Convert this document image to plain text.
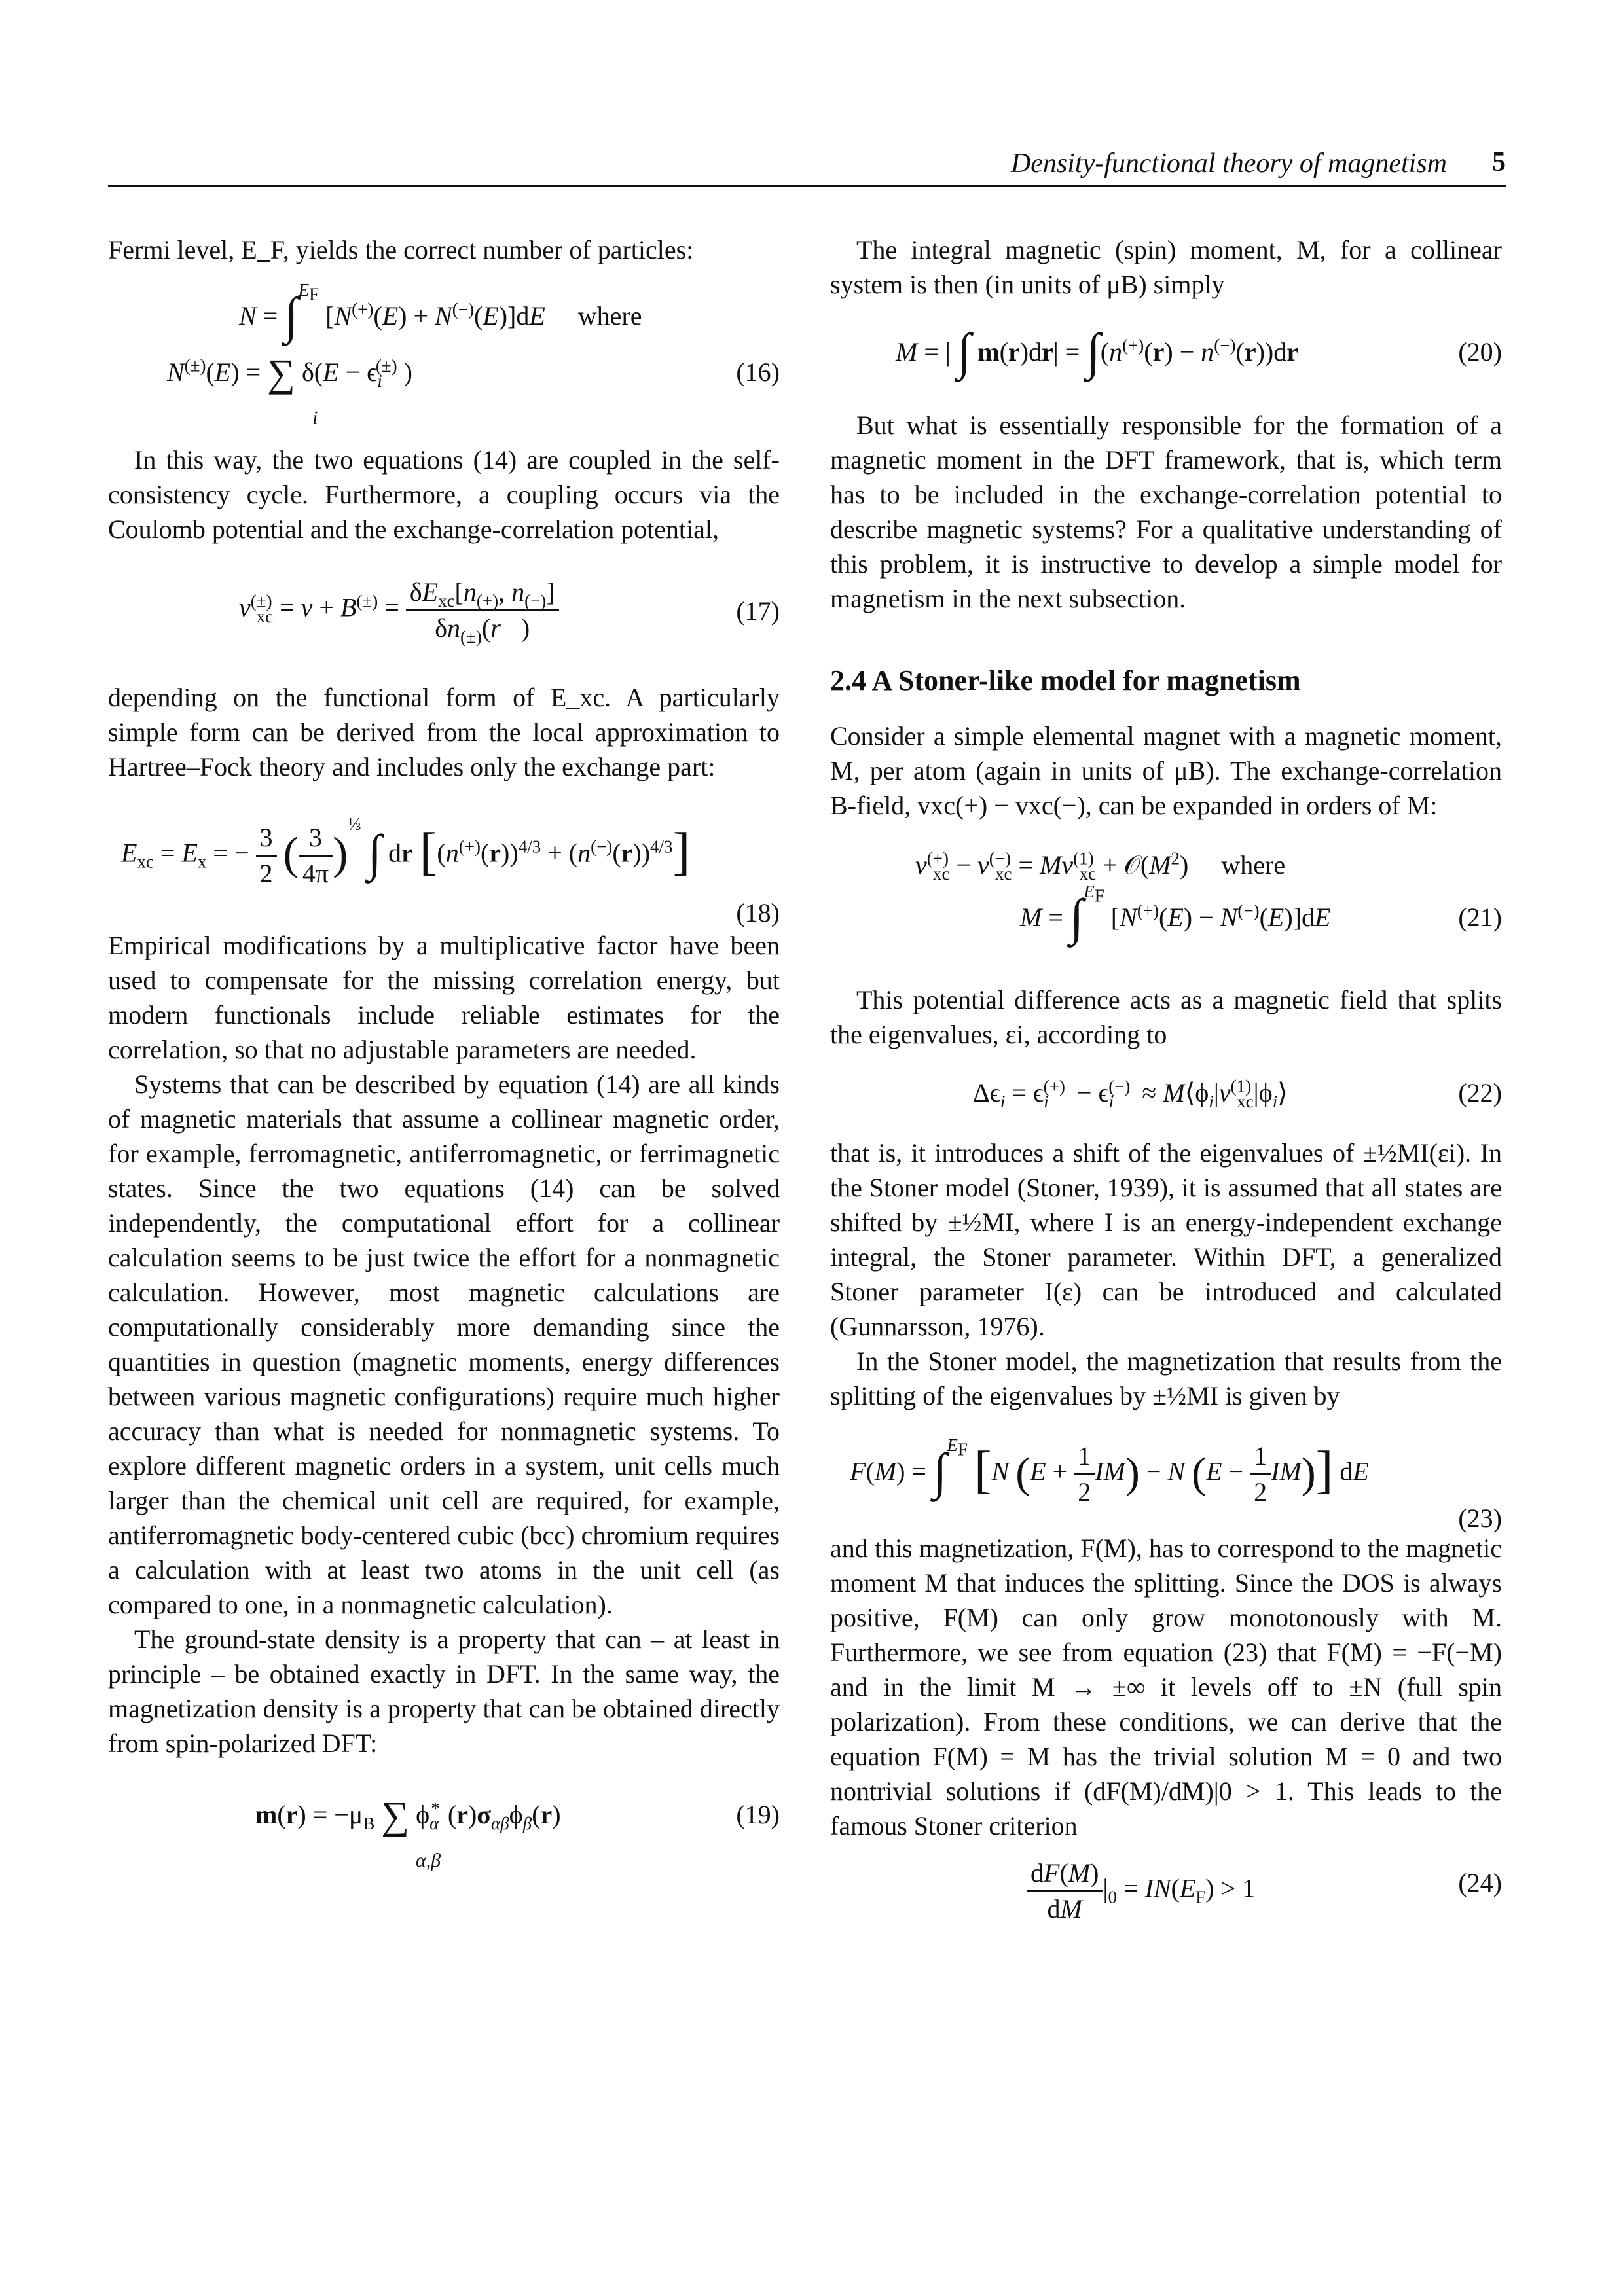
Density-functional theory of magnetism 5

Fermi level, E_F, yields the correct number of particles:

N = ∫$^{E_F}$ [N(+)(E) + N(−)(E)]dE where
N(±)(E) = ∑ $\delta(E - \epsilon_i^{(\pm)}$ )
i
(16)

In this way, the two equations (14) are coupled in the self-consistency cycle. Furthermore, a coupling occurs via the Coulomb potential and the exchange-correlation potential,

$v^{(\pm)}_{xc} = v + B^{(\pm)} = \frac{\delta E_{xc}[n_{(+)}, n_{(-)}]}{\delta n_{(\pm)}(r⃗)}$	(17)

depending on the functional form of E_xc. A particularly simple form can be derived from the local approximation to Hartree–Fock theory and includes only the exchange part:

$E_{xc} = E_x$ = − $\frac{3}{2}$ ( $\frac{3}{4\pi} )^{\frac{1}{3}}$ ∫ dr $[(n^{(+)}(r))^{4/3} + (n^{(-)}(r))^{4/3}]$
(18)

Empirical modifications by a multiplicative factor have been used to compensate for the missing correlation energy, but modern functionals include reliable estimates for the correlation, so that no adjustable parameters are needed.

Systems that can be described by equation (14) are all kinds of magnetic materials that assume a collinear magnetic order, for example, ferromagnetic, antiferromagnetic, or ferrimagnetic states. Since the two equations (14) can be solved independently, the computational effort for a collinear calculation seems to be just twice the effort for a nonmagnetic calculation. However, most magnetic calculations are computationally considerably more demanding since the quantities in question (magnetic moments, energy differences between various magnetic configurations) require much higher accuracy than what is needed for nonmagnetic systems. To explore different magnetic orders in a system, unit cells much larger than the chemical unit cell are required, for example, antiferromagnetic body-centered cubic (bcc) chromium requires a calculation with at least two atoms in the unit cell (as compared to one, in a nonmagnetic calculation).

The ground-state density is a property that can – at least in principle – be obtained exactly in DFT. In the same way, the magnetization density is a property that can be obtained directly from spin-polarized DFT:

$m(r) = -\mu_B$ ∑ $\phi_\alpha^*$ $(r)\sigma_{\alpha\beta}\phi_\beta(r)$
α,β
(19)

The integral magnetic (spin) moment, M, for a collinear system is then (in units of μB) simply

M = | ∫ m(r)dr| = ∫(n(+)(r) − n(−)(r))dr	(20)

But what is essentially responsible for the formation of a magnetic moment in the DFT framework, that is, which term has to be included in the exchange-correlation potential to describe magnetic systems? For a qualitative understanding of this problem, it is instructive to develop a simple model for magnetism in the next subsection.

2.4 A Stoner-like model for magnetism

Consider a simple elemental magnet with a magnetic moment, M, per atom (again in units of μB). The exchange-correlation B-field, vxc(+) − vxc(−), can be expanded in orders of M:

$v^{(+)}_{xc} - v^{(-)}_{xc} = Mv^{(1)}_{xc}$ + $𝒪(M^2)$     where
M = ∫$^{E_F}$ [N(+)(E) − N(−)(E)]dE	(21)

This potential difference acts as a magnetic field that splits the eigenvalues, εi, according to

$\Delta\epsilon_i = \epsilon_i^{(+)} - \epsilon_i^{(-)}$ ≈ $M⟨\phi_i|v^{(1)}_{xc}|\phi_i⟩$	(22)

that is, it introduces a shift of the eigenvalues of ±½MI(εi). In the Stoner model (Stoner, 1939), it is assumed that all states are shifted by ±½MI, where I is an energy-independent exchange integral, the Stoner parameter. Within DFT, a generalized Stoner parameter I(ε) can be introduced and calculated (Gunnarsson, 1976).

In the Stoner model, the magnetization that results from the splitting of the eigenvalues by ±½MI is given by

F(M) = ∫$^{E_F}$ [N $(E + \frac{1}{2} IM) - N$ $(E - \frac{1}{2} IM)$] dE
(23)

and this magnetization, F(M), has to correspond to the magnetic moment M that induces the splitting. Since the DOS is always positive, F(M) can only grow monotonously with M. Furthermore, we see from equation (23) that F(M) = −F(−M) and in the limit M → ±∞ it levels off to ±N (full spin polarization). From these conditions, we can derive that the equation F(M) = M has the trivial solution M = 0 and two nontrivial solutions if (dF(M)/dM)|0 > 1. This leads to the famous Stoner criterion

$\frac{dF(M)}{dM} |_0 = IN(E_F) > 1$	(24)
